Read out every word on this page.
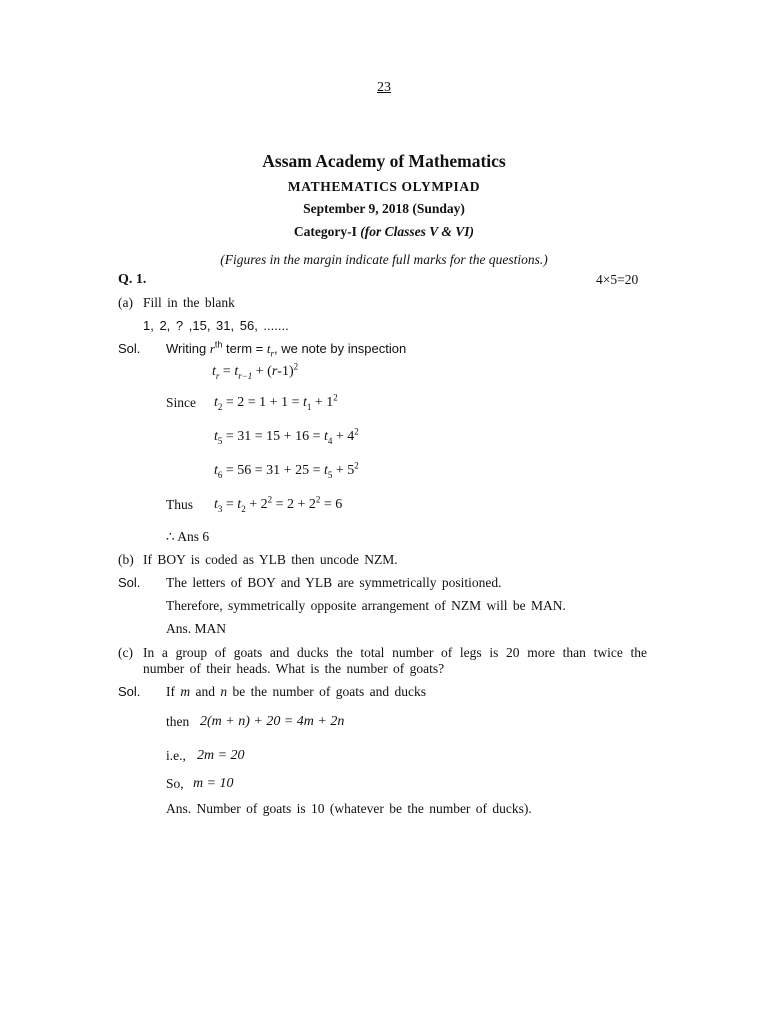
23
Assam Academy of Mathematics
MATHEMATICS OLYMPIAD
September 9, 2018 (Sunday)
Category-I (for Classes V & VI)
(Figures in the margin indicate full marks for the questions.)
Q. 1.	4×5=20
(a) Fill in the blank
1, 2, ? ,15, 31, 56, .......
Sol. Writing $r^{th}$ term = $t_r$, we note by inspection
$t_r = t_{r-1} + (r-1)^2$
Since $t_2 = 2 = 1 + 1 = t_1 + 1^2$
$t_5 = 31 = 15 + 16 = t_4 + 4^2$
$t_6 = 56 = 31 + 25 = t_5 + 5^2$
Thus $t_3 = t_2 + 2^2 = 2 + 2^2 = 6$
∴ Ans 6
(b) If BOY is coded as YLB then uncode NZM.
Sol. The letters of BOY and YLB are symmetrically positioned.
Therefore, symmetrically opposite arrangement of NZM will be MAN.
Ans. MAN
(c) In a group of goats and ducks the total number of legs is 20 more than twice the
number of their heads. What is the number of goats?
Sol. If m and n be the number of goats and ducks
then 2(m + n) + 20 = 4m + 2n
i.e., 2m = 20
So, m = 10
Ans. Number of goats is 10 (whatever be the number of ducks).
